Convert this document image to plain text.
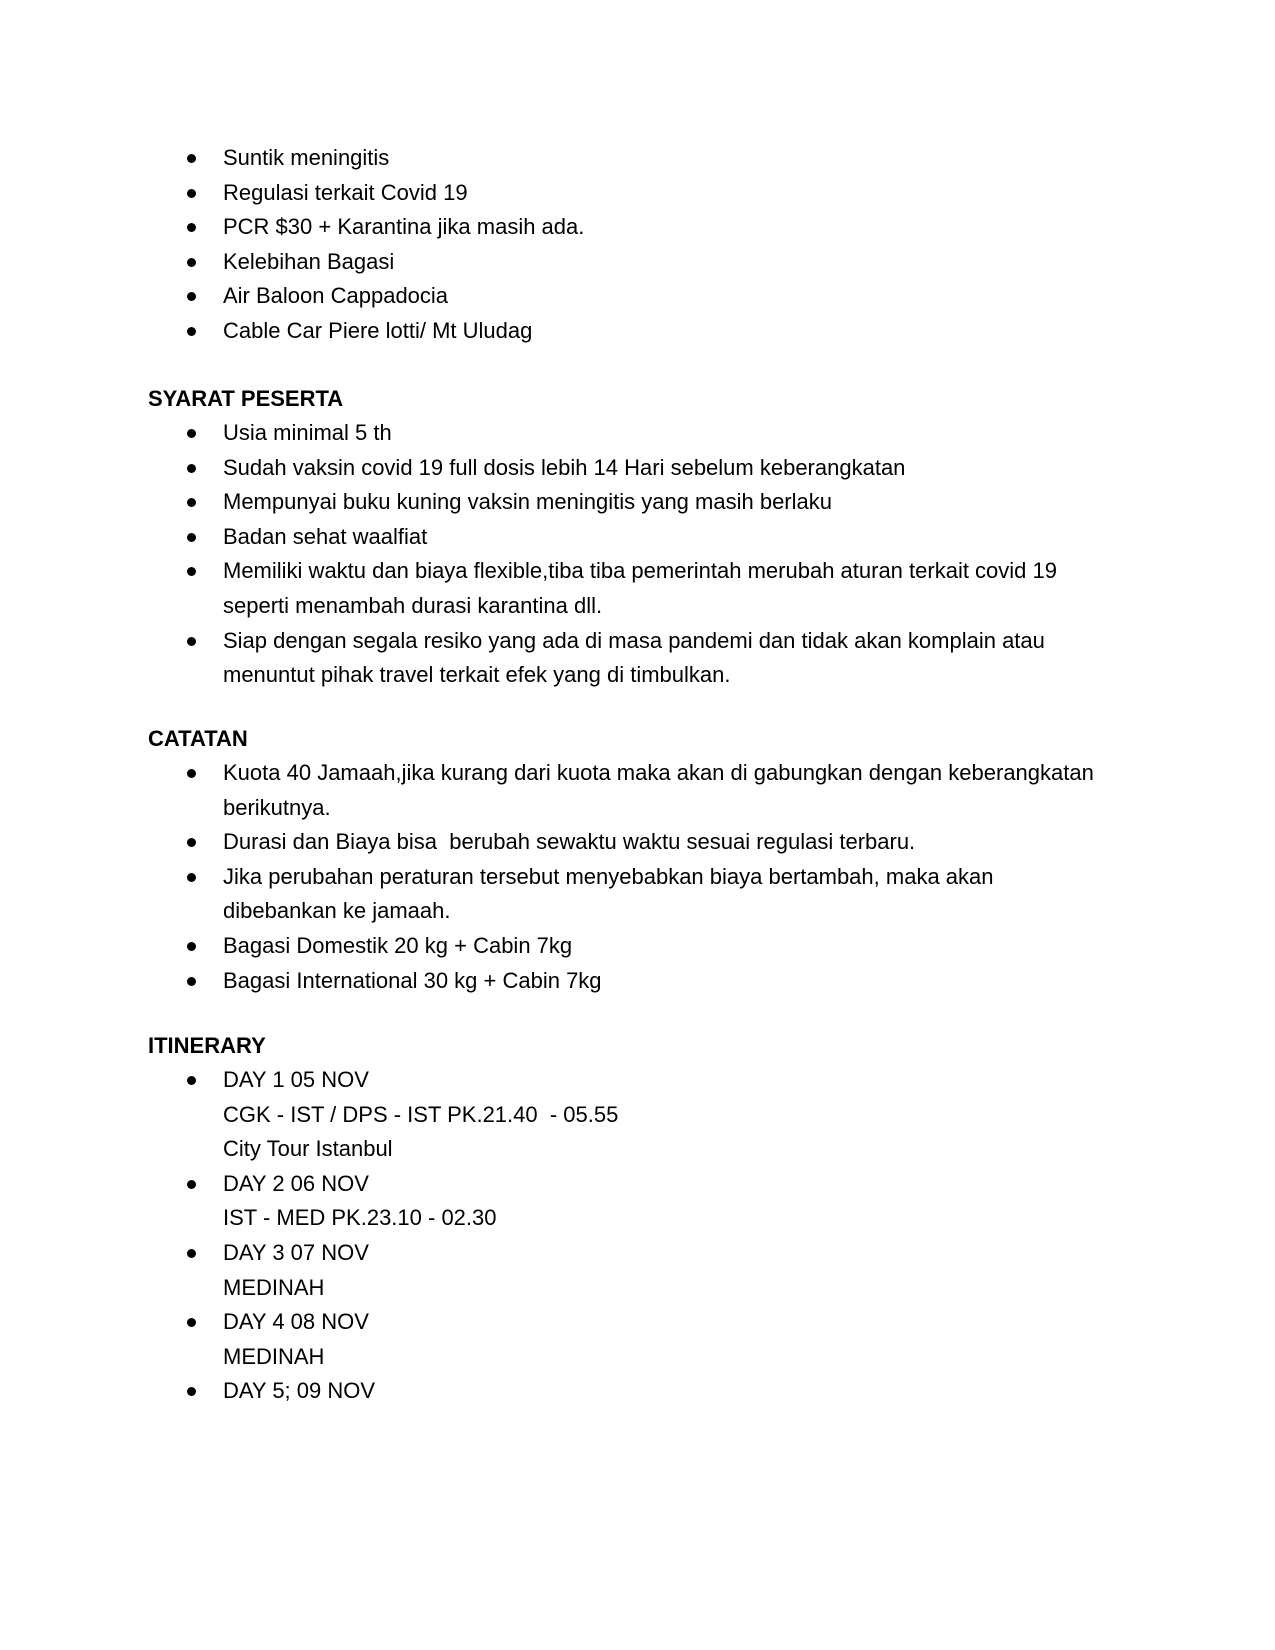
Suntik meningitis
Regulasi terkait Covid 19
PCR $30 + Karantina jika masih ada.
Kelebihan Bagasi
Air Baloon Cappadocia
Cable Car Piere lotti/ Mt Uludag
SYARAT PESERTA
Usia minimal 5 th
Sudah vaksin covid 19 full dosis lebih 14 Hari sebelum keberangkatan
Mempunyai buku kuning vaksin meningitis yang masih berlaku
Badan sehat waalfiat
Memiliki waktu dan biaya flexible,tiba tiba pemerintah merubah aturan terkait covid 19
seperti menambah durasi karantina dll.
Siap dengan segala resiko yang ada di masa pandemi dan tidak akan komplain atau
menuntut pihak travel terkait efek yang di timbulkan.
CATATAN
Kuota 40 Jamaah,jika kurang dari kuota maka akan di gabungkan dengan keberangkatan
berikutnya.
Durasi dan Biaya bisa  berubah sewaktu waktu sesuai regulasi terbaru.
Jika perubahan peraturan tersebut menyebabkan biaya bertambah, maka akan
dibebankan ke jamaah.
Bagasi Domestik 20 kg + Cabin 7kg
Bagasi International 30 kg + Cabin 7kg
ITINERARY
DAY 1 05 NOV
CGK - IST / DPS - IST PK.21.40  - 05.55
City Tour Istanbul
DAY 2 06 NOV
IST - MED PK.23.10 - 02.30
DAY 3 07 NOV
MEDINAH
DAY 4 08 NOV
MEDINAH
DAY 5; 09 NOV
